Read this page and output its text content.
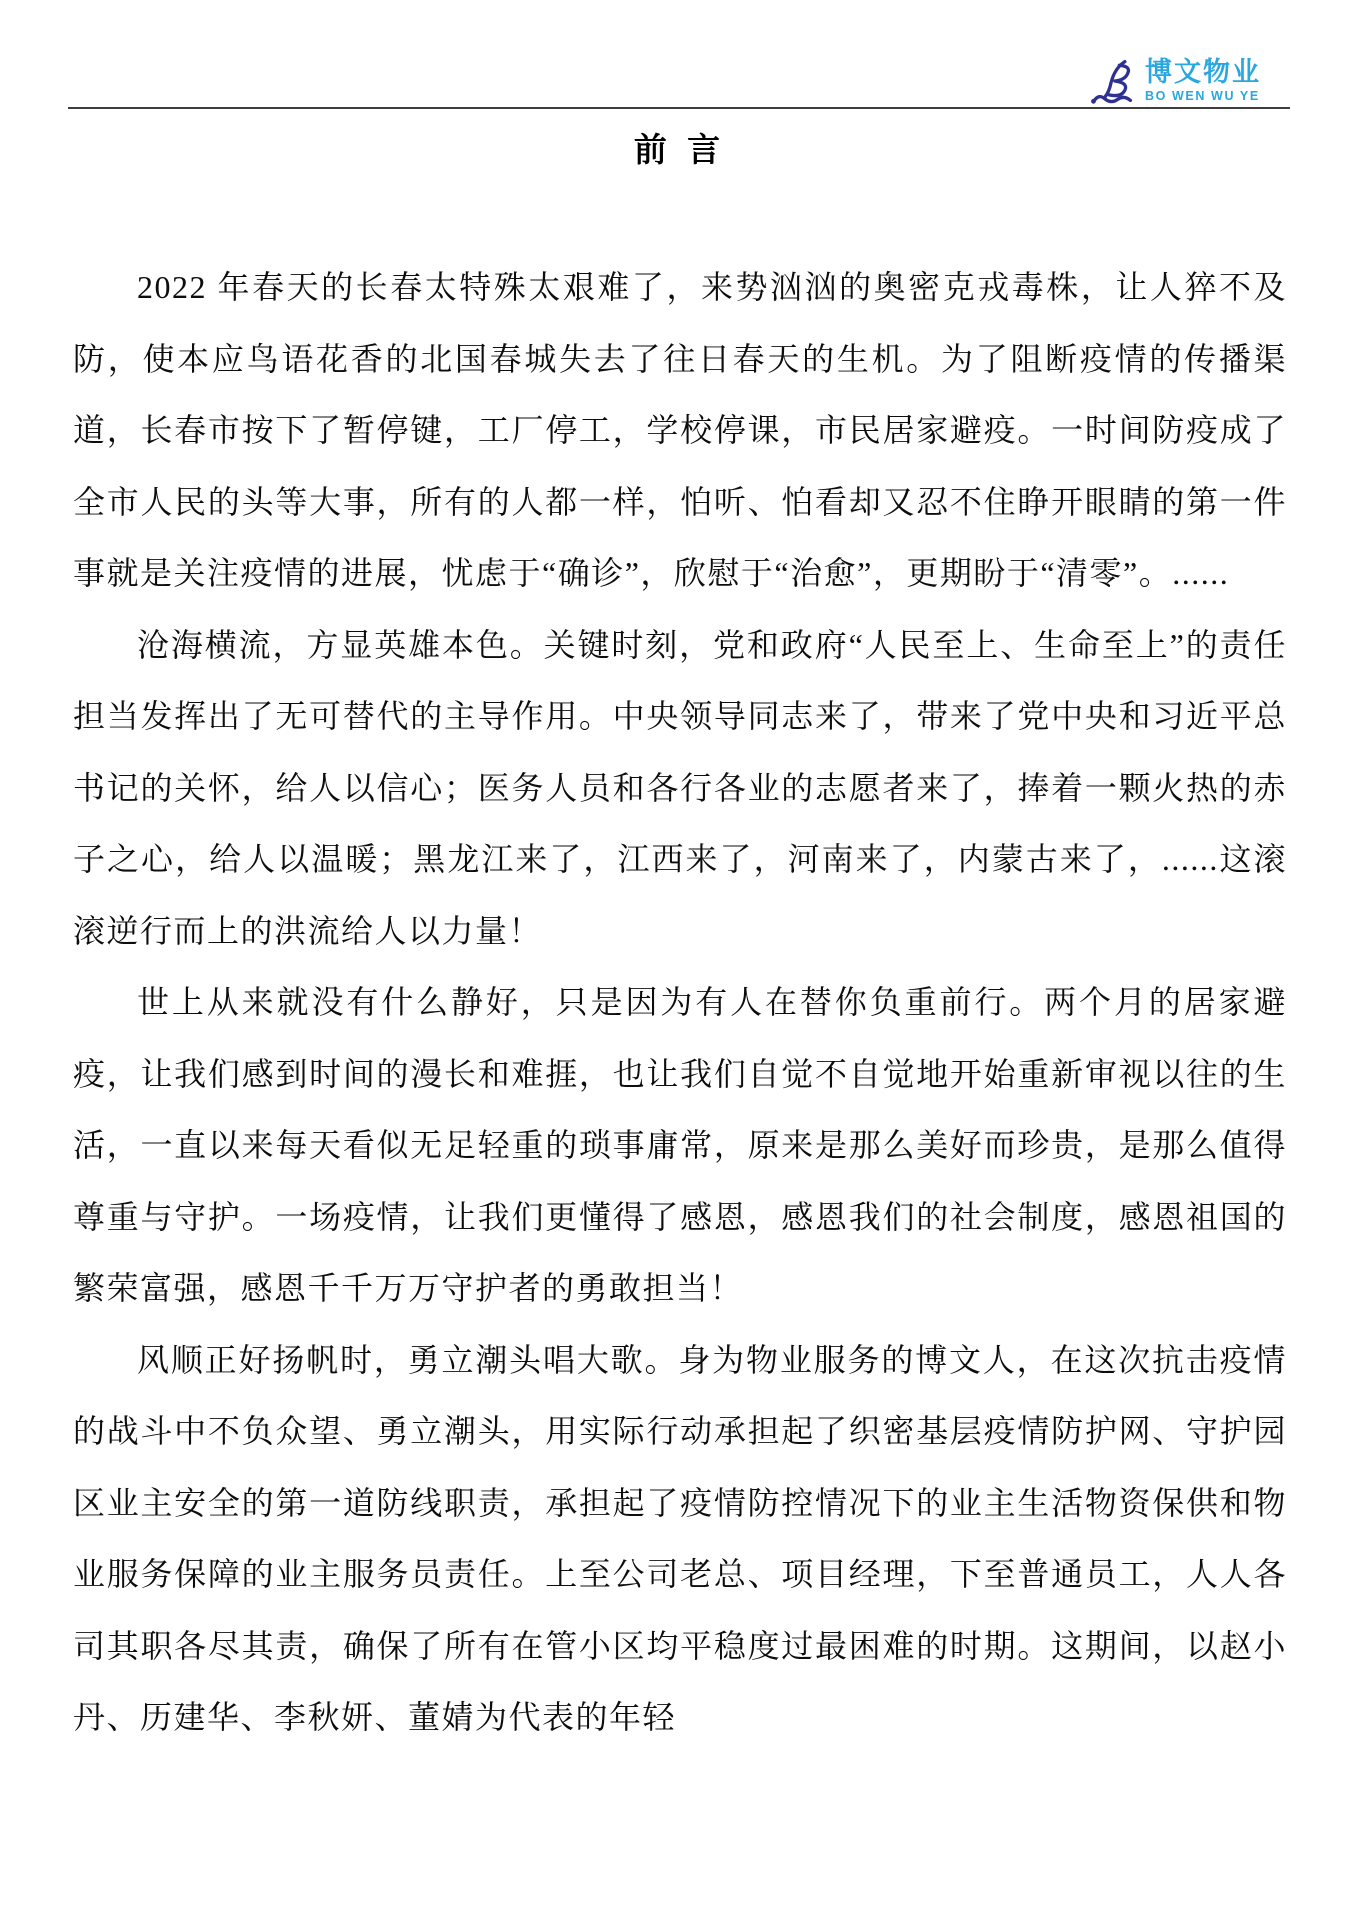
博文物业
BO WEN WU YE
前 言

2022 年春天的长春太特殊太艰难了，来势汹汹的奥密克戎毒株，让人猝不及防，使本应鸟语花香的北国春城失去了往日春天的生机。为了阻断疫情的传播渠道，长春市按下了暂停键，工厂停工，学校停课，市民居家避疫。一时间防疫成了全市人民的头等大事，所有的人都一样，怕听、怕看却又忍不住睁开眼睛的第一件事就是关注疫情的进展，忧虑于“确诊”，欣慰于“治愈”，更期盼于“清零”。......

沧海横流，方显英雄本色。关键时刻，党和政府“人民至上、生命至上”的责任担当发挥出了无可替代的主导作用。中央领导同志来了，带来了党中央和习近平总书记的关怀，给人以信心；医务人员和各行各业的志愿者来了，捧着一颗火热的赤子之心，给人以温暖；黑龙江来了，江西来了，河南来了，内蒙古来了，......这滚滚逆行而上的洪流给人以力量！

世上从来就没有什么静好，只是因为有人在替你负重前行。两个月的居家避疫，让我们感到时间的漫长和难捱，也让我们自觉不自觉地开始重新审视以往的生活，一直以来每天看似无足轻重的琐事庸常，原来是那么美好而珍贵，是那么值得尊重与守护。一场疫情，让我们更懂得了感恩，感恩我们的社会制度，感恩祖国的繁荣富强，感恩千千万万守护者的勇敢担当！

风顺正好扬帆时，勇立潮头唱大歌。身为物业服务的博文人，在这次抗击疫情的战斗中不负众望、勇立潮头，用实际行动承担起了织密基层疫情防护网、守护园区业主安全的第一道防线职责，承担起了疫情防控情况下的业主生活物资保供和物业服务保障的业主服务员责任。上至公司老总、项目经理，下至普通员工，人人各司其职各尽其责，确保了所有在管小区均平稳度过最困难的时期。这期间，以赵小丹、历建华、李秋妍、董婧为代表的年轻
